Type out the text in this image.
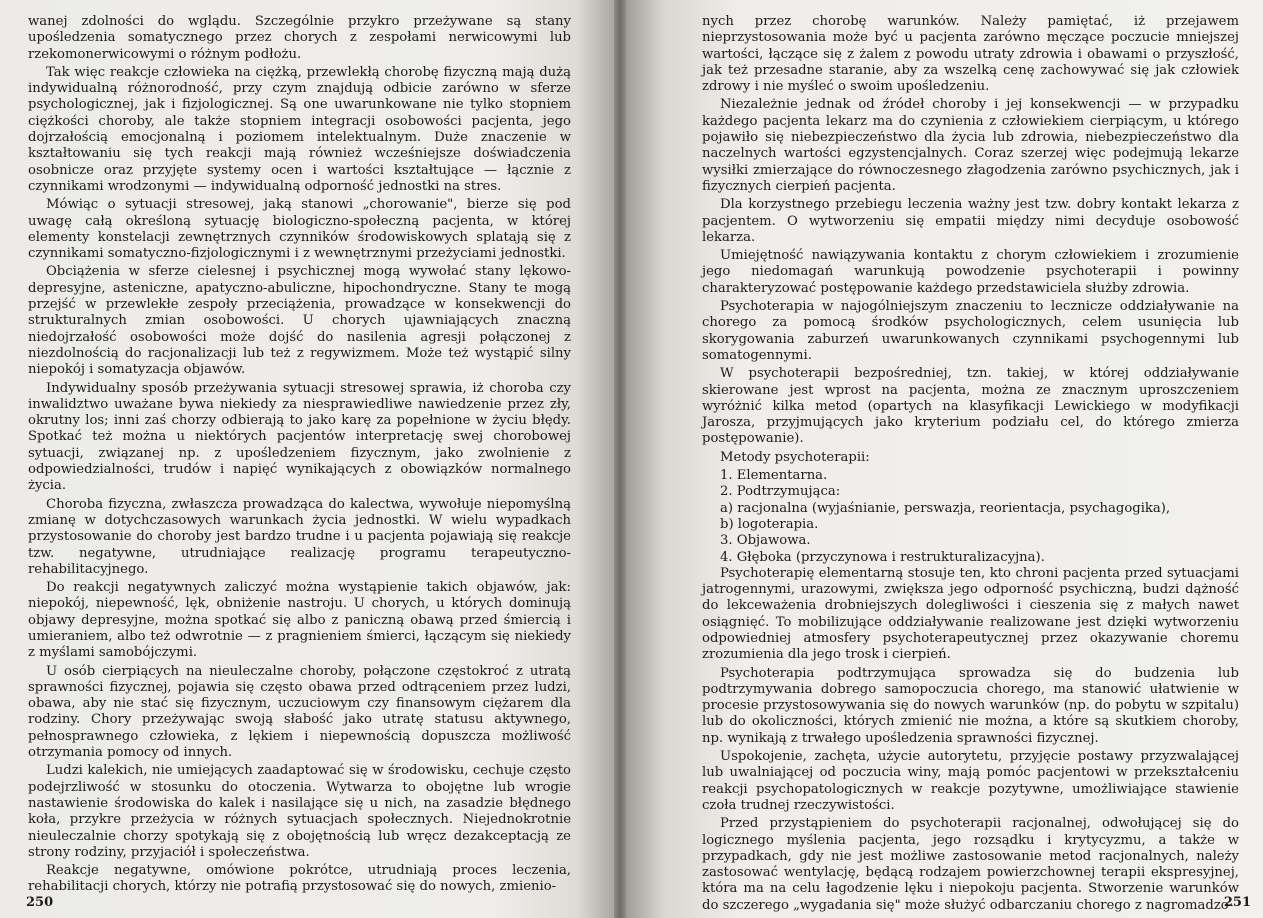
wanej zdolności do wglądu. Szczególnie przykro przeżywane są stany upośledzenia somatycznego przez chorych z zespołami nerwicowymi lub rzekomonerwicowymi o różnym podłożu.

Tak więc reakcje człowieka na ciężką, przewlekłą chorobę fizyczną mają dużą indywidualną różnorodność, przy czym znajdują odbicie zarówno w sferze psychologicznej, jak i fizjologicznej. Są one uwarunkowane nie tylko stopniem ciężkości choroby, ale także stopniem integracji osobowości pacjenta, jego dojrzałością emocjonalną i poziomem intelektualnym. Duże znaczenie w kształtowaniu się tych reakcji mają również wcześniejsze doświadczenia osobnicze oraz przyjęte systemy ocen i wartości kształtujące — łącznie z czynnikami wrodzonymi — indywidualną odporność jednostki na stres.

Mówiąc o sytuacji stresowej, jaką stanowi „chorowanie", bierze się pod uwagę całą określoną sytuację biologiczno-społeczną pacjenta, w której elementy konstelacji zewnętrznych czynników środowiskowych splatają się z czynnikami somatyczno-fizjologicznymi i z wewnętrznymi przeżyciami jednostki.

Obciążenia w sferze cielesnej i psychicznej mogą wywołać stany lękowo-depresyjne, asteniczne, apatyczno-abuliczne, hipochondryczne. Stany te mogą przejść w przewlekłe zespoły przeciążenia, prowadzące w konsekwencji do strukturalnych zmian osobowości. U chorych ujawniających znaczną niedojrzałość osobowości może dojść do nasilenia agresji połączonej z niezdolnością do racjonalizacji lub też z regywizmem. Może też wystąpić silny niepokój i somatyzacja objawów.

Indywidualny sposób przeżywania sytuacji stresowej sprawia, iż choroba czy inwalidztwo uważane bywa niekiedy za niesprawiedliwe nawiedzenie przez zły, okrutny los; inni zaś chorzy odbierają to jako karę za popełnione w życiu błędy. Spotkać też można u niektórych pacjentów interpretację swej chorobowej sytuacji, związanej np. z upośledzeniem fizycznym, jako zwolnienie z odpowiedzialności, trudów i napięć wynikających z obowiązków normalnego życia.

Choroba fizyczna, zwłaszcza prowadząca do kalectwa, wywołuje niepomyślną zmianę w dotychczasowych warunkach życia jednostki. W wielu wypadkach przystosowanie do choroby jest bardzo trudne i u pacjenta pojawiają się reakcje tzw. negatywne, utrudniające realizację programu terapeutyczno-rehabilitacyjnego.

Do reakcji negatywnych zaliczyć można wystąpienie takich objawów, jak: niepokój, niepewność, lęk, obniżenie nastroju. U chorych, u których dominują objawy depresyjne, można spotkać się albo z paniczną obawą przed śmiercią i umieraniem, albo też odwrotnie — z pragnieniem śmierci, łączącym się niekiedy z myślami samobójczymi.

U osób cierpiących na nieuleczalne choroby, połączone częstokroć z utratą sprawności fizycznej, pojawia się często obawa przed odtrąceniem przez ludzi, obawa, aby nie stać się fizycznym, uczuciowym czy finansowym ciężarem dla rodziny. Chory przeżywając swoją słabość jako utratę statusu aktywnego, pełnosprawnego człowieka, z lękiem i niepewnością dopuszcza możliwość otrzymania pomocy od innych.

Ludzi kalekich, nie umiejących zaadaptować się w środowisku, cechuje często podejrzliwość w stosunku do otoczenia. Wytwarza to obojętne lub wrogie nastawienie środowiska do kalek i nasilające się u nich, na zasadzie błędnego koła, przykre przeżycia w różnych sytuacjach społecznych. Niejednokrotnie nieuleczalnie chorzy spotykają się z obojętnością lub wręcz dezakceptacją ze strony rodziny, przyjaciół i społeczeństwa.

Reakcje negatywne, omówione pokrótce, utrudniają proces leczenia, rehabilitacji chorych, którzy nie potrafią przystosować się do nowych, zmienio-

250

nych przez chorobę warunków. Należy pamiętać, iż przejawem nieprzystosowania może być u pacjenta zarówno męczące poczucie mniejszej wartości, łączące się z żalem z powodu utraty zdrowia i obawami o przyszłość, jak też przesadne staranie, aby za wszelką cenę zachowywać się jak człowiek zdrowy i nie myśleć o swoim upośledzeniu.

Niezależnie jednak od źródeł choroby i jej konsekwencji — w przypadku każdego pacjenta lekarz ma do czynienia z człowiekiem cierpiącym, u którego pojawiło się niebezpieczeństwo dla życia lub zdrowia, niebezpieczeństwo dla naczelnych wartości egzystencjalnych. Coraz szerzej więc podejmują lekarze wysiłki zmierzające do równoczesnego złagodzenia zarówno psychicznych, jak i fizycznych cierpień pacjenta.

Dla korzystnego przebiegu leczenia ważny jest tzw. dobry kontakt lekarza z pacjentem. O wytworzeniu się empatii między nimi decyduje osobowość lekarza.

Umiejętność nawiązywania kontaktu z chorym człowiekiem i zrozumienie jego niedomagań warunkują powodzenie psychoterapii i powinny charakteryzować postępowanie każdego przedstawiciela służby zdrowia.

Psychoterapia w najogólniejszym znaczeniu to lecznicze oddziaływanie na chorego za pomocą środków psychologicznych, celem usunięcia lub skorygowania zaburzeń uwarunkowanych czynnikami psychogennymi lub somatogennymi.

W psychoterapii bezpośredniej, tzn. takiej, w której oddziaływanie skierowane jest wprost na pacjenta, można ze znacznym uproszczeniem wyróżnić kilka metod (opartych na klasyfikacji Lewickiego w modyfikacji Jarosza, przyjmujących jako kryterium podziału cel, do którego zmierza postępowanie).

Metody psychoterapii:

1. Elementarna.
2. Podtrzymująca:
a) racjonalna (wyjaśnianie, perswazja, reorientacja, psychagogika),
b) logoterapia.
3. Objawowa.
4. Głęboka (przyczynowa i restrukturalizacyjna).

Psychoterapię elementarną stosuje ten, kto chroni pacjenta przed sytuacjami jatrogennymi, urazowymi, zwiększa jego odporność psychiczną, budzi dążność do lekceważenia drobniejszych dolegliwości i cieszenia się z małych nawet osiągnięć. To mobilizujące oddziaływanie realizowane jest dzięki wytworzeniu odpowiedniej atmosfery psychoterapeutycznej przez okazywanie choremu zrozumienia dla jego trosk i cierpień.

Psychoterapia podtrzymująca sprowadza się do budzenia lub podtrzymywania dobrego samopoczucia chorego, ma stanowić ułatwienie w procesie przystosowywania się do nowych warunków (np. do pobytu w szpitalu) lub do okoliczności, których zmienić nie można, a które są skutkiem choroby, np. wynikają z trwałego upośledzenia sprawności fizycznej.

Uspokojenie, zachęta, użycie autorytetu, przyjęcie postawy przyzwalającej lub uwalniającej od poczucia winy, mają pomóc pacjentowi w przekształceniu reakcji psychopatologicznych w reakcje pozytywne, umożliwiające stawienie czoła trudnej rzeczywistości.

Przed przystąpieniem do psychoterapii racjonalnej, odwołującej się do logicznego myślenia pacjenta, jego rozsądku i krytycyzmu, a także w przypadkach, gdy nie jest możliwe zastosowanie metod racjonalnych, należy zastosować wentylację, będącą rodzajem powierzchownej terapii ekspresyjnej, która ma na celu łagodzenie lęku i niepokoju pacjenta. Stworzenie warunków do szczerego „wygadania się" może służyć odbarczaniu chorego z nagromadzo-

251
